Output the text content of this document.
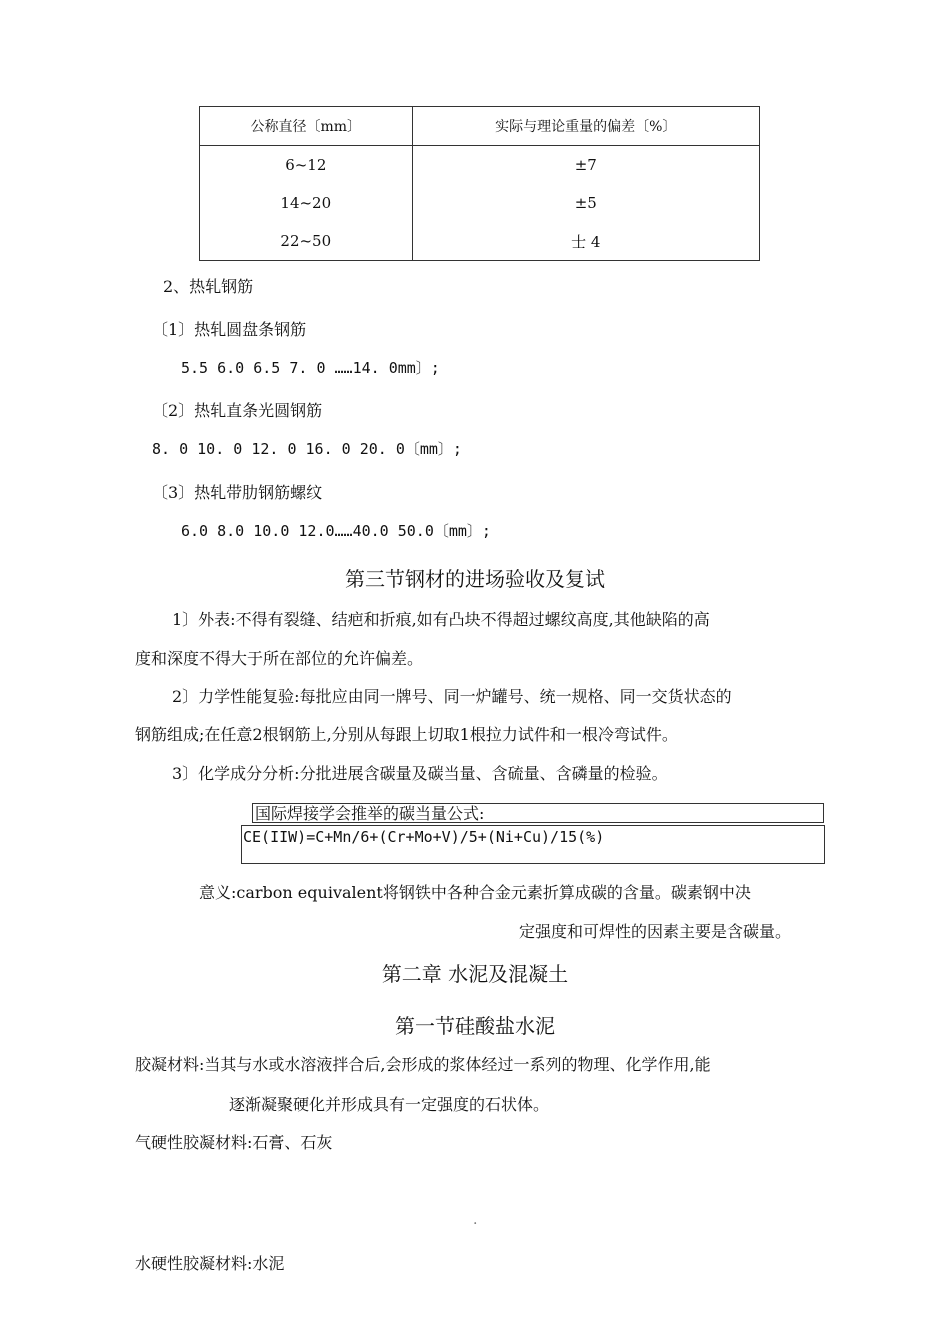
公称直径〔mm〕	实际与理论重量的偏差〔%〕
6~12	±7
14~20	±5
22~50	士 4
2、热轧钢筋
〔1〕热轧圆盘条钢筋
5.5 6.0 6.5 7. 0 ……14. 0mm〕;
〔2〕热轧直条光圆钢筋
8. 0 10. 0 12. 0 16. 0 20. 0〔mm〕;
〔3〕热轧带肋钢筋螺纹
6.0 8.0 10.0 12.0……40.0 50.0〔mm〕;
第三节钢材的进场验收及复试
1〕外表:不得有裂缝、结疤和折痕,如有凸块不得超过螺纹高度,其他缺陷的高
度和深度不得大于所在部位的允许偏差。
2〕力学性能复验:每批应由同一牌号、同一炉罐号、统一规格、同一交货状态的
钢筋组成;在任意2根钢筋上,分别从每跟上切取1根拉力试件和一根冷弯试件。
3〕化学成分分析:分批进展含碳量及碳当量、含硫量、含磷量的检验。
国际焊接学会推举的碳当量公式:
CE(IIW)=C+Mn/6+(Cr+Mo+V)/5+(Ni+Cu)/15(%)
意义:carbon equivalent将钢铁中各种合金元素折算成碳的含量。碳素钢中决
定强度和可焊性的因素主要是含碳量。
第二章 水泥及混凝土
第一节硅酸盐水泥
胶凝材料:当其与水或水溶液拌合后,会形成的浆体经过一系列的物理、化学作用,能
逐渐凝聚硬化并形成具有一定强度的石状体。
气硬性胶凝材料:石膏、石灰
.
水硬性胶凝材料:水泥
